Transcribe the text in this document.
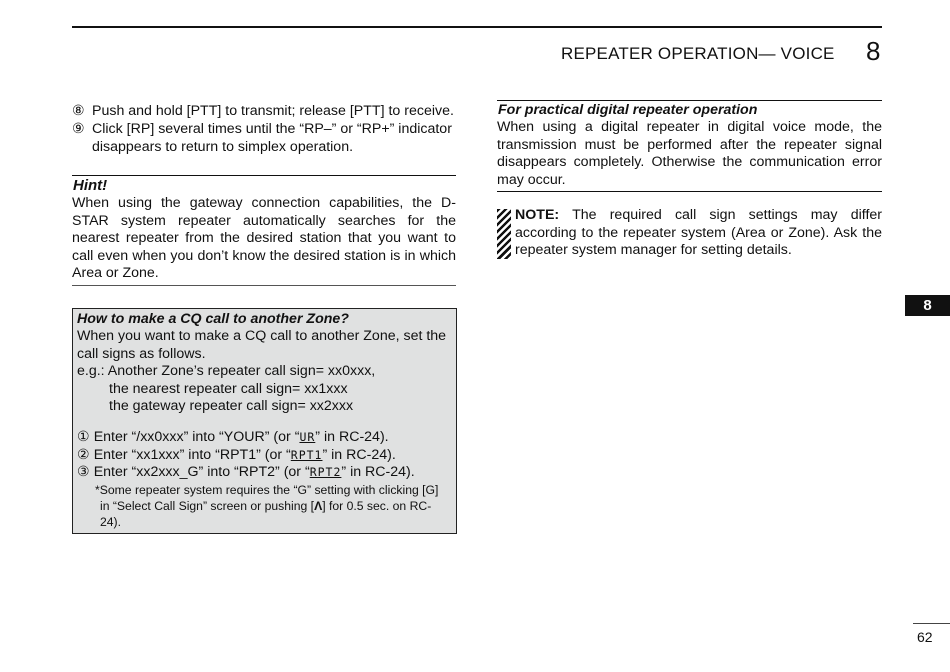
REPEATER OPERATION— VOICE 8
⑧ Push and hold [PTT] to transmit; release [PTT] to receive.
⑨ Click [RP] several times until the “RP–” or “RP+” indicator
disappears to return to simplex operation.
Hint!
When using the gateway connection capabilities, the D-STAR system repeater automatically searches for the nearest repeater from the desired station that you want to call even when you don’t know the desired station is in which Area or Zone.
How to make a CQ call to another Zone?
When you want to make a CQ call to another Zone, set the
call signs as follows.
e.g.: Another Zone’s repeater call sign= xx0xxx,
the nearest repeater call sign= xx1xxx
the gateway repeater call sign= xx2xxx
① Enter “/xx0xxx” into “YOUR” (or “UR” in RC-24).
② Enter “xx1xxx” into “RPT1” (or “RPT1” in RC-24).
③ Enter “xx2xxx_G” into “RPT2” (or “RPT2” in RC-24).
*Some repeater system requires the “G” setting with clicking [G]
in “Select Call Sign” screen or pushing [Λ] for 0.5 sec. on RC-
24).
For practical digital repeater operation
When using a digital repeater in digital voice mode, the transmission must be performed after the repeater signal disappears completely. Otherwise the communication error may occur.
NOTE: The required call sign settings may differ according to the repeater system (Area or Zone). Ask the repeater system manager for setting details.
8
62
